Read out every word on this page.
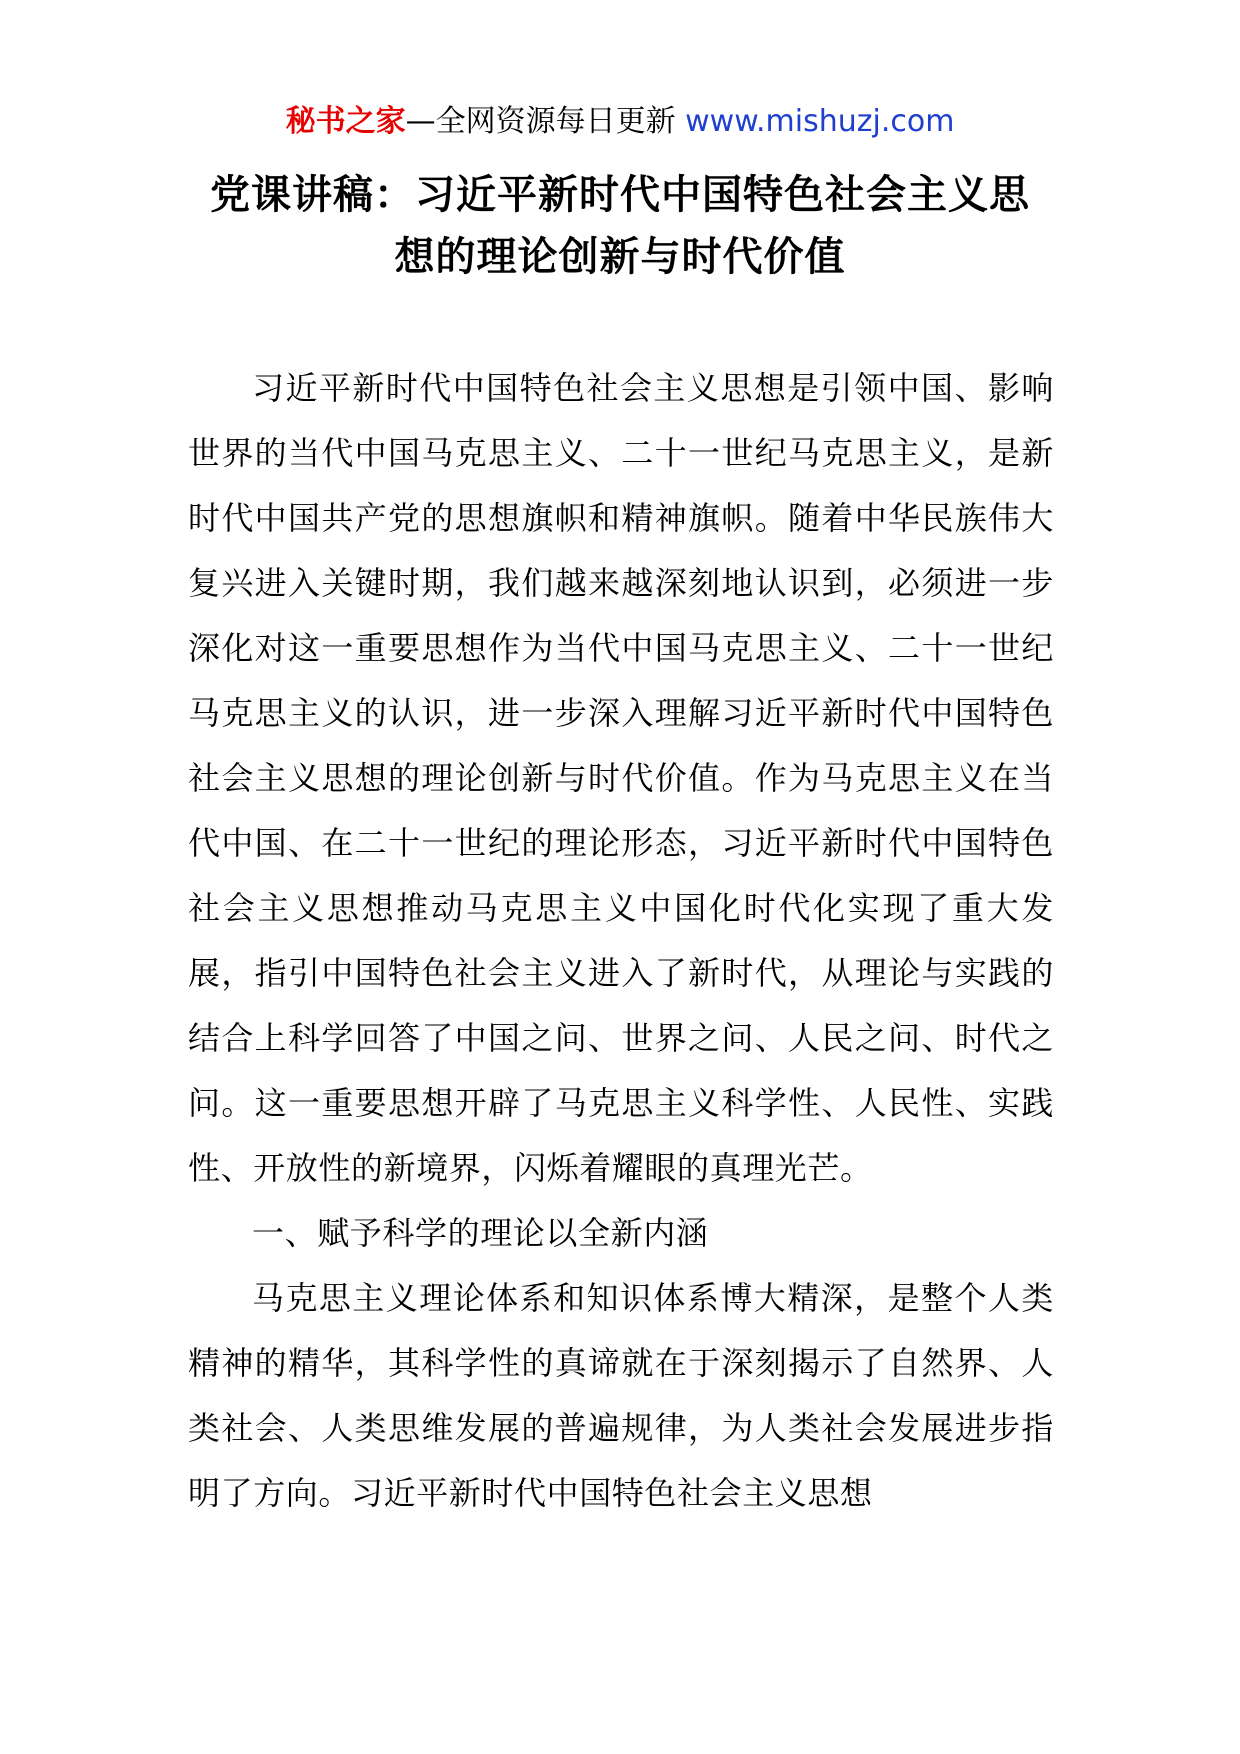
秘书之家—全网资源每日更新 www.mishuzj.com
党课讲稿：习近平新时代中国特色社会主义思
想的理论创新与时代价值

习近平新时代中国特色社会主义思想是引领中国、影响世界的当代中国马克思主义、二十一世纪马克思主义，是新时代中国共产党的思想旗帜和精神旗帜。随着中华民族伟大复兴进入关键时期，我们越来越深刻地认识到，必须进一步深化对这一重要思想作为当代中国马克思主义、二十一世纪马克思主义的认识，进一步深入理解习近平新时代中国特色社会主义思想的理论创新与时代价值。作为马克思主义在当代中国、在二十一世纪的理论形态，习近平新时代中国特色社会主义思想推动马克思主义中国化时代化实现了重大发展，指引中国特色社会主义进入了新时代，从理论与实践的结合上科学回答了中国之问、世界之问、人民之问、时代之问。这一重要思想开辟了马克思主义科学性、人民性、实践性、开放性的新境界，闪烁着耀眼的真理光芒。

一、赋予科学的理论以全新内涵

马克思主义理论体系和知识体系博大精深，是整个人类精神的精华，其科学性的真谛就在于深刻揭示了自然界、人类社会、人类思维发展的普遍规律，为人类社会发展进步指明了方向。习近平新时代中国特色社会主义思想
